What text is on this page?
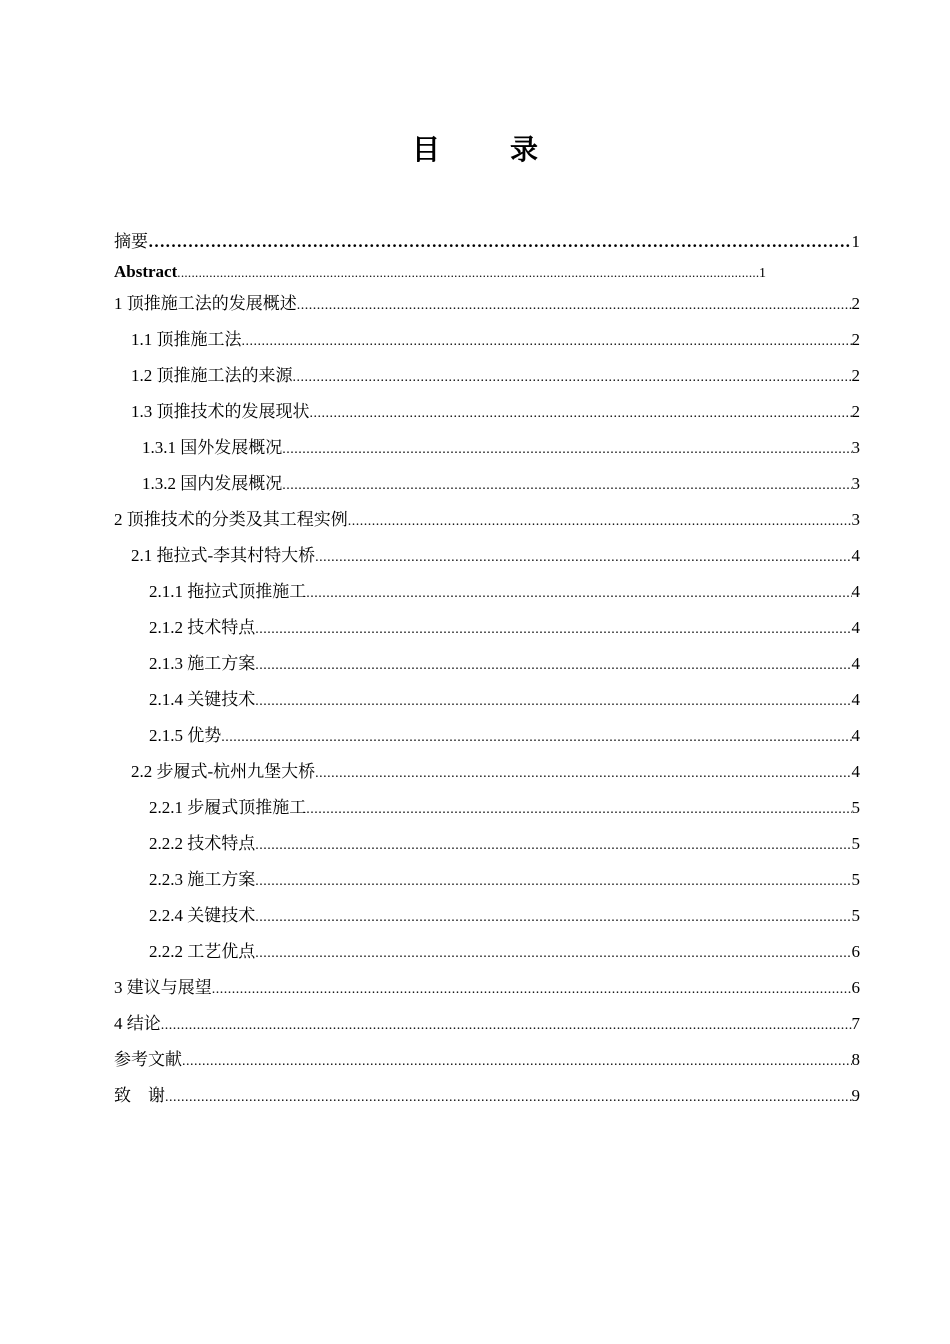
目	录
摘要 ………………………………………………………………………………………………………………………………………………………………	1
Abstract .....	1
1 顶推施工法的发展概述 .....	2
1.1 顶推施工法 .....	2
1.2 顶推施工法的来源 .....	2
1.3 顶推技术的发展现状 .....	2
1.3.1 国外发展概况 .....	3
1.3.2 国内发展概况 .....	3
2 顶推技术的分类及其工程实例 .....	3
2.1 拖拉式-李其村特大桥 .....	4
2.1.1 拖拉式顶推施工 .....	4
2.1.2 技术特点 .....	4
2.1.3 施工方案 .....	4
2.1.4 关键技术 .....	4
2.1.5 优势 .....	4
2.2 步履式-杭州九堡大桥 .....	4
2.2.1 步履式顶推施工 .....	5
2.2.2 技术特点 .....	5
2.2.3 施工方案 .....	5
2.2.4 关键技术 .....	5
2.2.2 工艺优点 .....	6
3 建议与展望 .....	6
4 结论 .....	7
参考文献 .....	8
致    谢 .....	9
